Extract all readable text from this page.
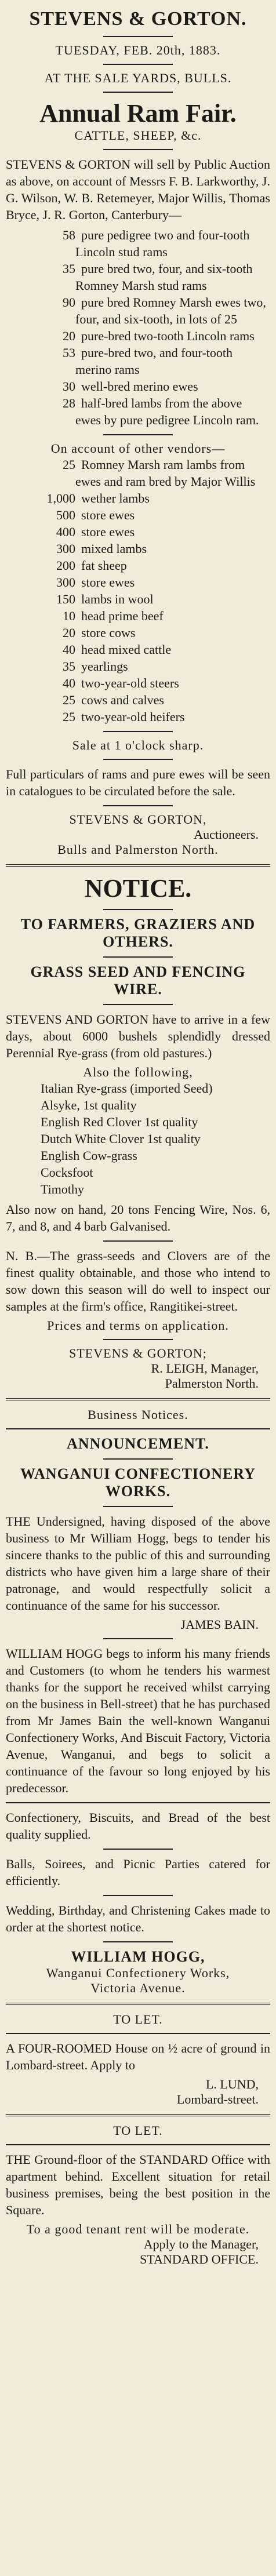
STEVENS & GORTON.
TUESDAY, FEB. 20th, 1883.
AT THE SALE YARDS, BULLS.
Annual Ram Fair.
CATTLE, SHEEP, &c.
STEVENS & GORTON will sell by Public Auction as above, on account of Messrs F. B. Larkworthy, J. G. Wilson, W. B. Retemeyer, Major Willis, Thomas Bryce, J. R. Gorton, Canterbury—
58 pure pedigree two and four-tooth Lincoln stud rams
35 pure bred two, four, and six-tooth Romney Marsh stud rams
90 pure bred Romney Marsh ewes two, four, and six-tooth, in lots of 25
20 pure-bred two-tooth Lincoln rams
53 pure-bred two, and four-tooth merino rams
30 well-bred merino ewes
28 half-bred lambs from the above ewes by pure pedigree Lincoln ram.
On account of other vendors—
25 Romney Marsh ram lambs from ewes and ram bred by Major Willis
1,000 wether lambs
500 store ewes
400 store ewes
300 mixed lambs
200 fat sheep
300 store ewes
150 lambs in wool
10 head prime beef
20 store cows
40 head mixed cattle
35 yearlings
40 two-year-old steers
25 cows and calves
25 two-year-old heifers
Sale at 1 o'clock sharp.
Full particulars of rams and pure ewes will be seen in catalogues to be circulated before the sale.
STEVENS & GORTON,
Auctioneers.
Bulls and Palmerston North.
NOTICE.
TO FARMERS, GRAZIERS AND OTHERS.
GRASS SEED AND FENCING WIRE.
STEVENS AND GORTON have to arrive in a few days, about 6000 bushels splendidly dressed Perennial Rye-grass (from old pastures.)
Also the following,
Italian Rye-grass (imported Seed)
Alsyke, 1st quality
English Red Clover 1st quality
Dutch White Clover 1st quality
English Cow-grass
Cocksfoot
Timothy
Also now on hand, 20 tons Fencing Wire, Nos. 6, 7, and 8, and 4 barb Galvanised.
N. B.—The grass-seeds and Clovers are of the finest quality obtainable, and those who intend to sow down this season will do well to inspect our samples at the firm's office, Rangitikei-street.
Prices and terms on application.
STEVENS & GORTON;
R. LEIGH, Manager,
Palmerston North.
Business Notices.
ANNOUNCEMENT.
WANGANUI CONFECTIONERY WORKS.
THE Undersigned, having disposed of the above business to Mr William Hogg, begs to tender his sincere thanks to the public of this and surrounding districts who have given him a large share of their patronage, and would respectfully solicit a continuance of the same for his successor.
JAMES BAIN.
WILLIAM HOGG begs to inform his many friends and Customers (to whom he tenders his warmest thanks for the support he received whilst carrying on the business in Bell-street) that he has purchased from Mr James Bain the well-known Wanganui Confectionery Works, And Biscuit Factory, Victoria Avenue, Wanganui, and begs to solicit a continuance of the favour so long enjoyed by his predecessor.
Confectionery, Biscuits, and Bread of the best quality supplied.
Balls, Soirees, and Picnic Parties catered for efficiently.
Wedding, Birthday, and Christening Cakes made to order at the shortest notice.
WILLIAM HOGG,
Wanganui Confectionery Works,
Victoria Avenue.
TO LET.
A FOUR-ROOMED House on ½ acre of ground in Lombard-street. Apply to
L. LUND,
Lombard-street.
TO LET.
THE Ground-floor of the STANDARD Office with apartment behind. Excellent situation for retail business premises, being the best position in the Square.
To a good tenant rent will be moderate.
Apply to the Manager,
STANDARD OFFICE.
